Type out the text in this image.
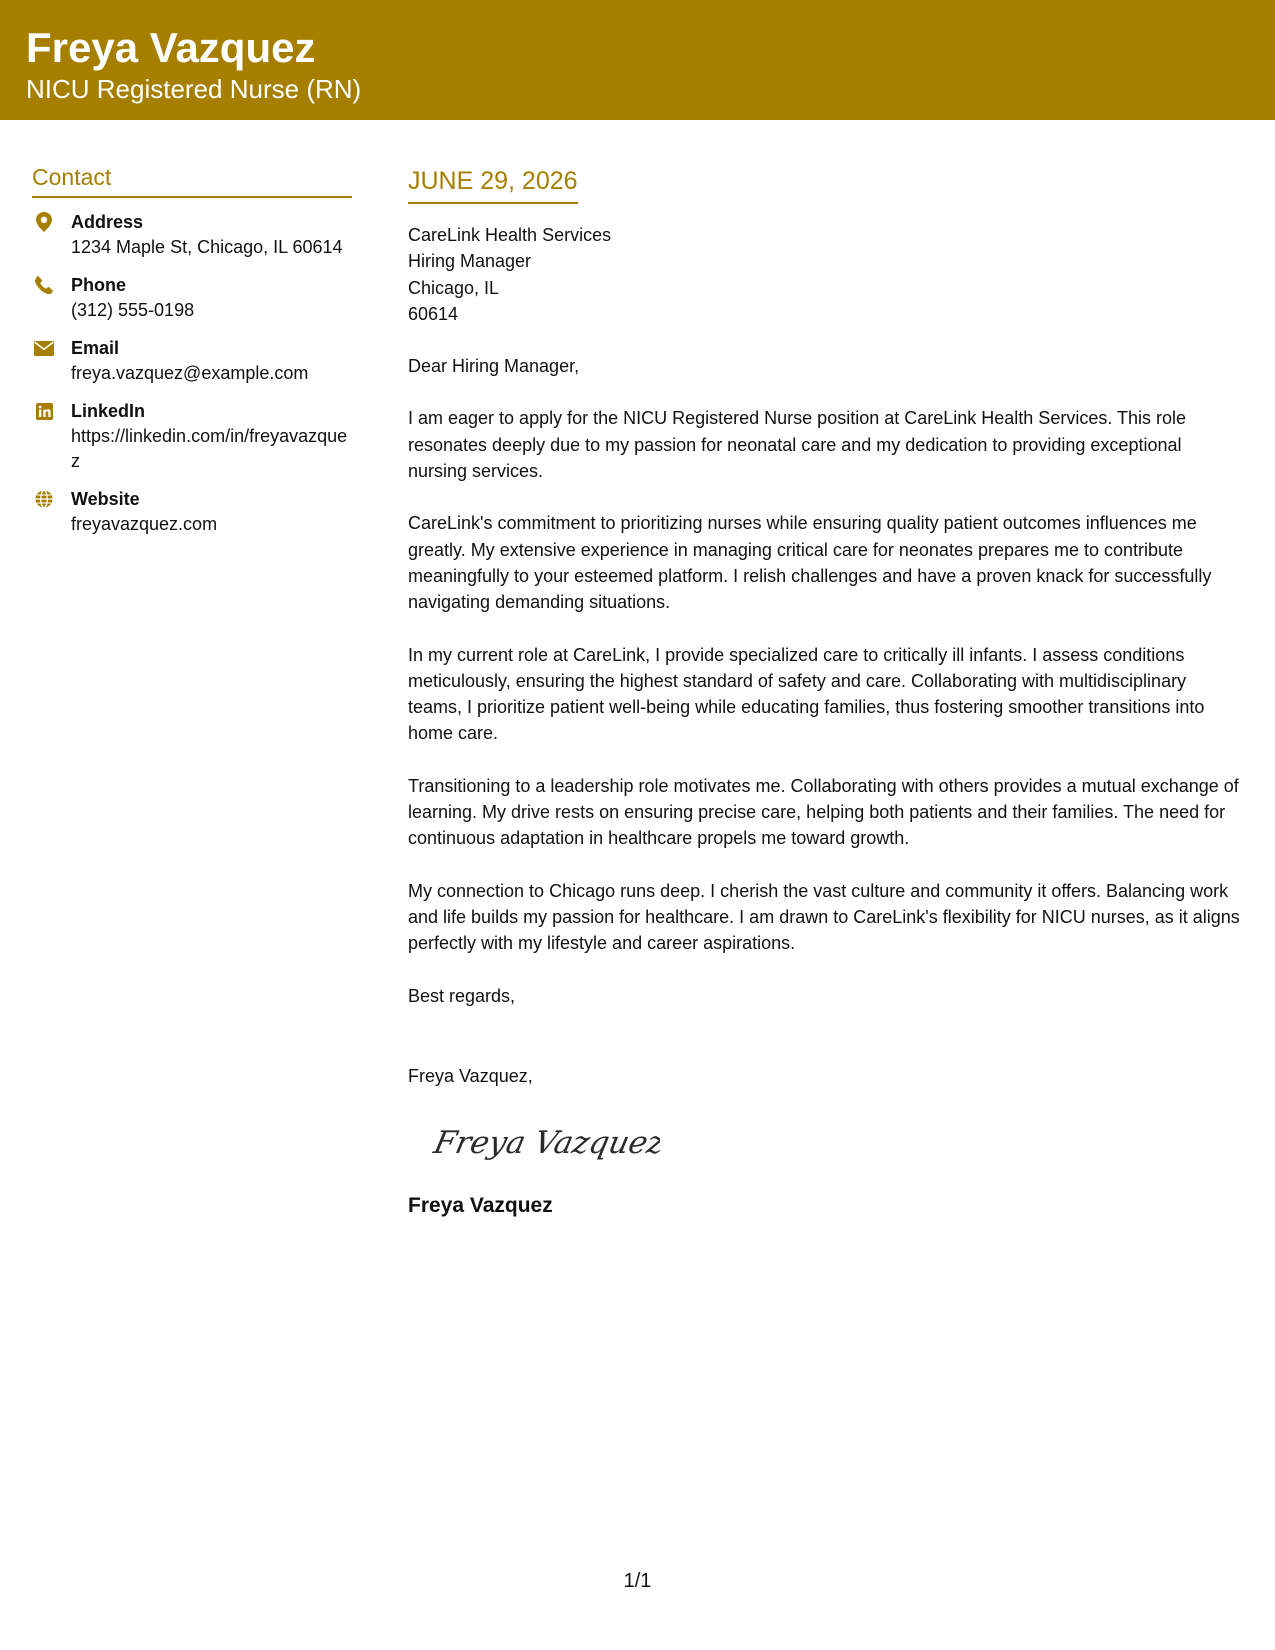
Freya Vazquez
NICU Registered Nurse (RN)
Contact
Address
1234 Maple St, Chicago, IL 60614
Phone
(312) 555-0198
Email
freya.vazquez@example.com
LinkedIn
https://linkedin.com/in/freyavazquez
Website
freyavazquez.com
JUNE 29, 2026
CareLink Health Services
Hiring Manager
Chicago, IL
60614
Dear Hiring Manager,
I am eager to apply for the NICU Registered Nurse position at CareLink Health Services. This role resonates deeply due to my passion for neonatal care and my dedication to providing exceptional nursing services.
CareLink's commitment to prioritizing nurses while ensuring quality patient outcomes influences me greatly. My extensive experience in managing critical care for neonates prepares me to contribute meaningfully to your esteemed platform. I relish challenges and have a proven knack for successfully navigating demanding situations.
In my current role at CareLink, I provide specialized care to critically ill infants. I assess conditions meticulously, ensuring the highest standard of safety and care. Collaborating with multidisciplinary teams, I prioritize patient well-being while educating families, thus fostering smoother transitions into home care.
Transitioning to a leadership role motivates me. Collaborating with others provides a mutual exchange of learning. My drive rests on ensuring precise care, helping both patients and their families. The need for continuous adaptation in healthcare propels me toward growth.
My connection to Chicago runs deep. I cherish the vast culture and community it offers. Balancing work and life builds my passion for healthcare. I am drawn to CareLink's flexibility for NICU nurses, as it aligns perfectly with my lifestyle and career aspirations.
Best regards,
Freya Vazquez,
Freya Vazquez
Freya Vazquez
1/1
